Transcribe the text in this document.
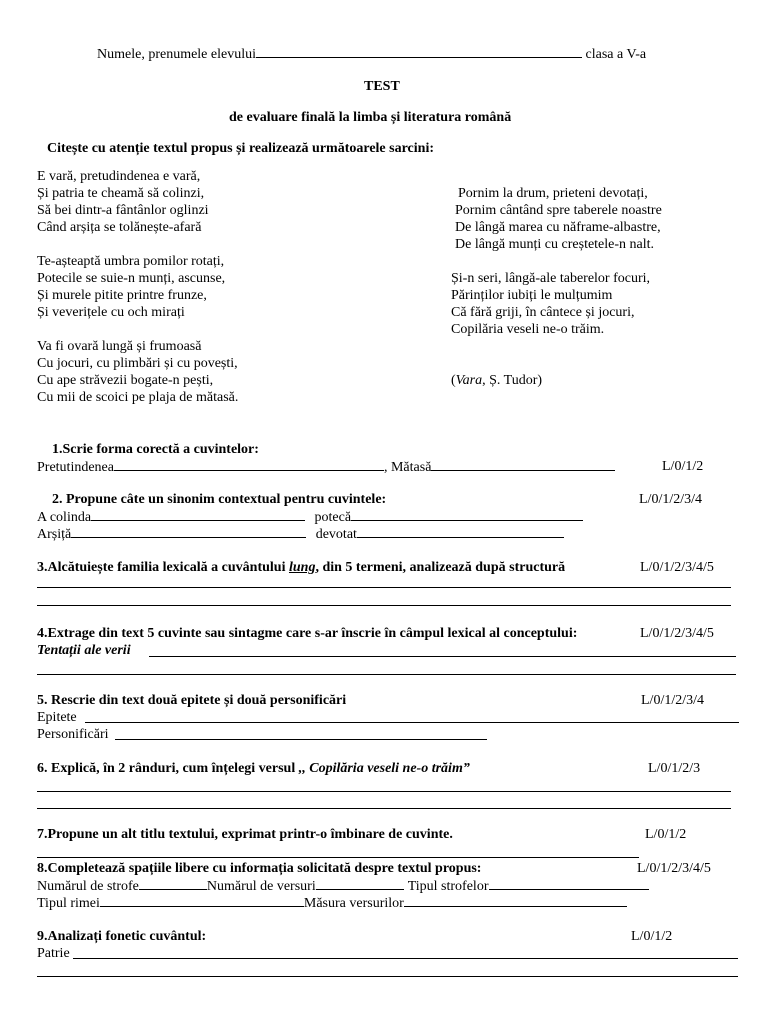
Numele, prenumele elevului	clasa a V-a
TEST
de evaluare finală la limba și literatura română
Citește cu atenție textul propus și realizează următoarele sarcini:
E vară, pretudindenea e vară,
Și patria te cheamă să colinzi,
Să bei dintr-a fântânlor oglinzi
Când arșița se tolănește-afară
Te-așteaptă umbra pomilor rotați,
Potecile se suie-n munți, ascunse,
Și murele pitite printre frunze,
Și veverițele cu och mirați
Va fi ovară lungă și frumoasă
Cu jocuri, cu plimbări și cu povești,
Cu ape străvezii bogate-n pești,
Cu mii de scoici pe plaja de mătasă.
Pornim la drum, prieteni devotați,
Pornim cântând spre taberele noastre
De lângă marea cu năframe-albastre,
De lângă munți cu creștetele-n nalt.
Și-n seri, lângă-ale taberelor focuri,
Părinților iubiți le mulțumim
Că fără griji, în cântece și jocuri,
Copilăria veseli ne-o trăim.
(Vara, Ș. Tudor)
1.Scrie forma corectă a cuvintelor:
Pretutindenea	, Mătasă	L/0/1/2
2. Propune câte un sinonim contextual pentru cuvintele:	L/0/1/2/3/4
A colinda	potecă
Arșiță	devotat
3.Alcătuiește familia lexicală a cuvântului lung, din 5 termeni, analizează după structură	L/0/1/2/3/4/5
4.Extrage din text 5 cuvinte sau sintagme care s-ar înscrie în câmpul lexical al conceptului:	L/0/1/2/3/4/5
Tentații ale verii
5. Rescrie din text două epitete și două personificări	L/0/1/2/3/4
Epitete
Personificări
6. Explică, în 2 rânduri, cum înțelegi versul ,, Copilăria veseli ne-o trăim”	L/0/1/2/3
7.Propune un alt titlu textului, exprimat printr-o îmbinare de cuvinte.	L/0/1/2
8.Completează spațiile libere cu informația solicitată despre textul propus:	L/0/1/2/3/4/5
Numărul de strofe	Numărul de versuri	Tipul strofelor
Tipul rimei	Măsura versurilor
9.Analizați fonetic cuvântul:	L/0/1/2
Patrie
